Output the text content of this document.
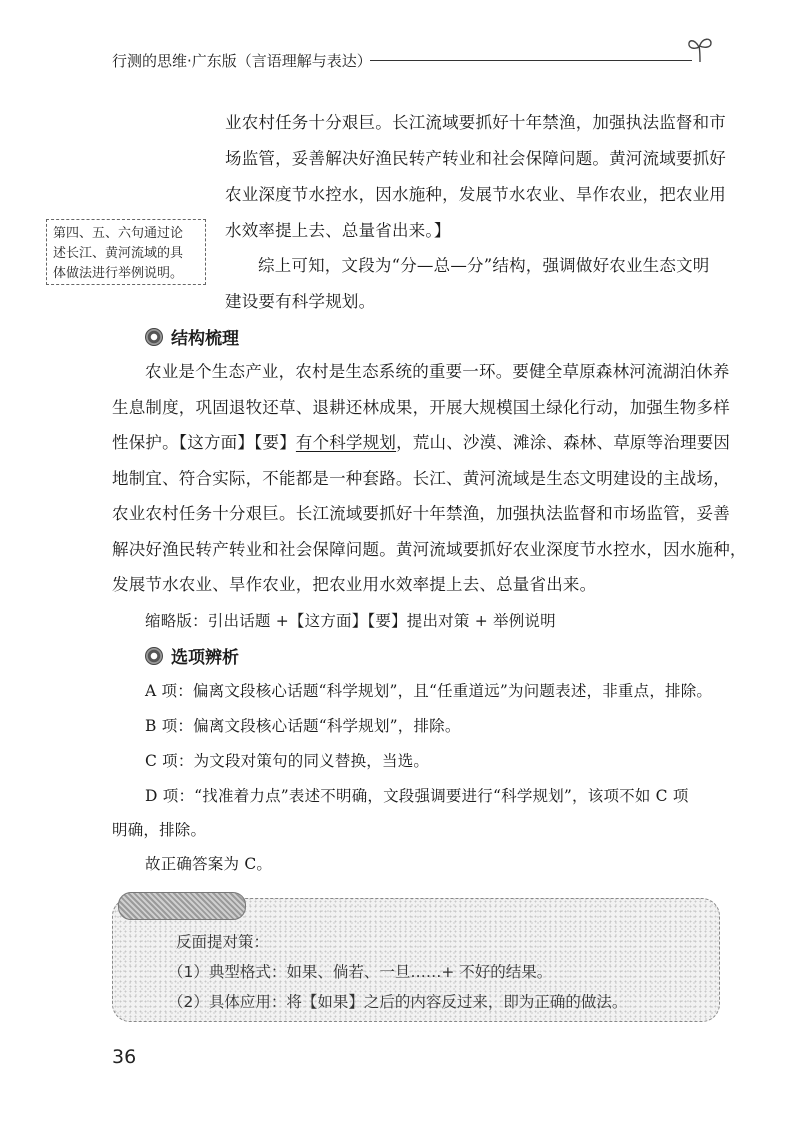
行测的思维·广东版（言语理解与表达）
业农村任务十分艰巨。长江流域要抓好十年禁渔，加强执法监督和市
场监管，妥善解决好渔民转产转业和社会保障问题。黄河流域要抓好
农业深度节水控水，因水施种，发展节水农业、旱作农业，把农业用
水效率提上去、总量省出来。】
第四、五、六句通过论
述长江、黄河流域的具
体做法进行举例说明。	综上可知，文段为“分—总—分”结构，强调做好农业生态文明
建设要有科学规划。
结构梳理
农业是个生态产业，农村是生态系统的重要一环。要健全草原森林河流湖泊休养
生息制度，巩固退牧还草、退耕还林成果，开展大规模国土绿化行动，加强生物多样
性保护。【这方面】【要】有个科学规划，荒山、沙漠、滩涂、森林、草原等治理要因
地制宜、符合实际，不能都是一种套路。长江、黄河流域是生态文明建设的主战场，
农业农村任务十分艰巨。长江流域要抓好十年禁渔，加强执法监督和市场监管，妥善
解决好渔民转产转业和社会保障问题。黄河流域要抓好农业深度节水控水，因水施种，
发展节水农业、旱作农业，把农业用水效率提上去、总量省出来。
缩略版：引出话题 +【这方面】【要】提出对策 + 举例说明
选项辨析
A 项：偏离文段核心话题“科学规划”，且“任重道远”为问题表述，非重点，排除。
B 项：偏离文段核心话题“科学规划”，排除。
C 项：为文段对策句的同义替换，当选。
D 项：“找准着力点”表述不明确，文段强调要进行“科学规划”，该项不如 C 项
明确，排除。
故正确答案为 C。
反面提对策：
（1）典型格式：如果、倘若、一旦……+ 不好的结果。
（2）具体应用：将【如果】之后的内容反过来，即为正确的做法。
36
